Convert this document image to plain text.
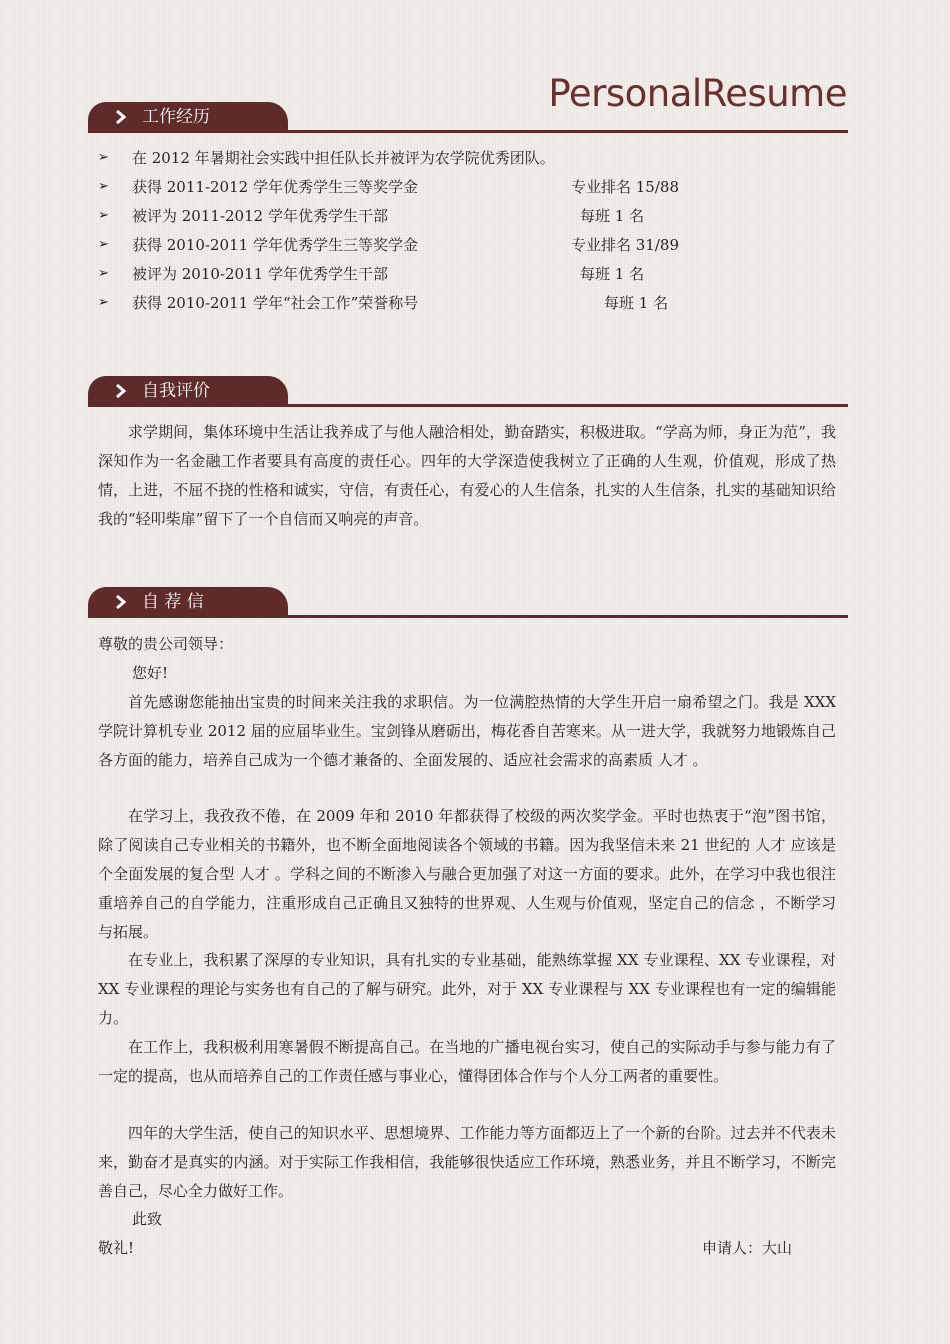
PersonalResume
工作经历
➢ 在 2012 年暑期社会实践中担任队长并被评为农学院优秀团队。
➢ 获得 2011-2012 学年优秀学生三等奖学金	专业排名 15/88
➢ 被评为 2011-2012 学年优秀学生干部	每班 1 名
➢ 获得 2010-2011 学年优秀学生三等奖学金	专业排名 31/89
➢ 被评为 2010-2011 学年优秀学生干部	每班 1 名
➢ 获得 2010-2011 学年“社会工作”荣誉称号	每班 1 名
自我评价

求学期间，集体环境中生活让我养成了与他人融洽相处，勤奋踏实，积极进取。“学高为师，身正为范”，我深知作为一名金融工作者要具有高度的责任心。四年的大学深造使我树立了正确的人生观，价值观，形成了热情，上进，不屈不挠的性格和诚实，守信，有责任心，有爱心的人生信条，扎实的人生信条，扎实的基础知识给我的“轻叩柴扉”留下了一个自信而又响亮的声音。

自 荐 信
尊敬的贵公司领导：
您好!

首先感谢您能抽出宝贵的时间来关注我的求职信。为一位满腔热情的大学生开启一扇希望之门。我是 XXX 学院计算机专业 2012 届的应届毕业生。宝剑锋从磨砺出，梅花香自苦寒来。从一进大学，我就努力地锻炼自己各方面的能力，培养自己成为一个德才兼备的、全面发展的、适应社会需求的高素质 人才 。

在学习上，我孜孜不倦，在 2009 年和 2010 年都获得了校级的两次奖学金。平时也热衷于“泡”图书馆，除了阅读自己专业相关的书籍外，也不断全面地阅读各个领域的书籍。因为我坚信未来 21 世纪的 人才 应该是个全面发展的复合型 人才 。学科之间的不断渗入与融合更加强了对这一方面的要求。此外，在学习中我也很注重培养自己的自学能力，注重形成自己正确且又独特的世界观、人生观与价值观，坚定自己的信念 ，不断学习与拓展。

在专业上，我积累了深厚的专业知识，具有扎实的专业基础，能熟练掌握 XX 专业课程、XX 专业课程，对 XX 专业课程的理论与实务也有自己的了解与研究。此外，对于 XX 专业课程与 XX 专业课程也有一定的编辑能力。

在工作上，我积极利用寒暑假不断提高自己。在当地的广播电视台实习，使自己的实际动手与参与能力有了一定的提高，也从而培养自己的工作责任感与事业心，懂得团体合作与个人分工两者的重要性。

四年的大学生活，使自己的知识水平、思想境界、工作能力等方面都迈上了一个新的台阶。过去并不代表未来，勤奋才是真实的内涵。对于实际工作我相信，我能够很快适应工作环境，熟悉业务，并且不断学习，不断完善自己，尽心全力做好工作。

此致
敬礼!	申请人：大山
